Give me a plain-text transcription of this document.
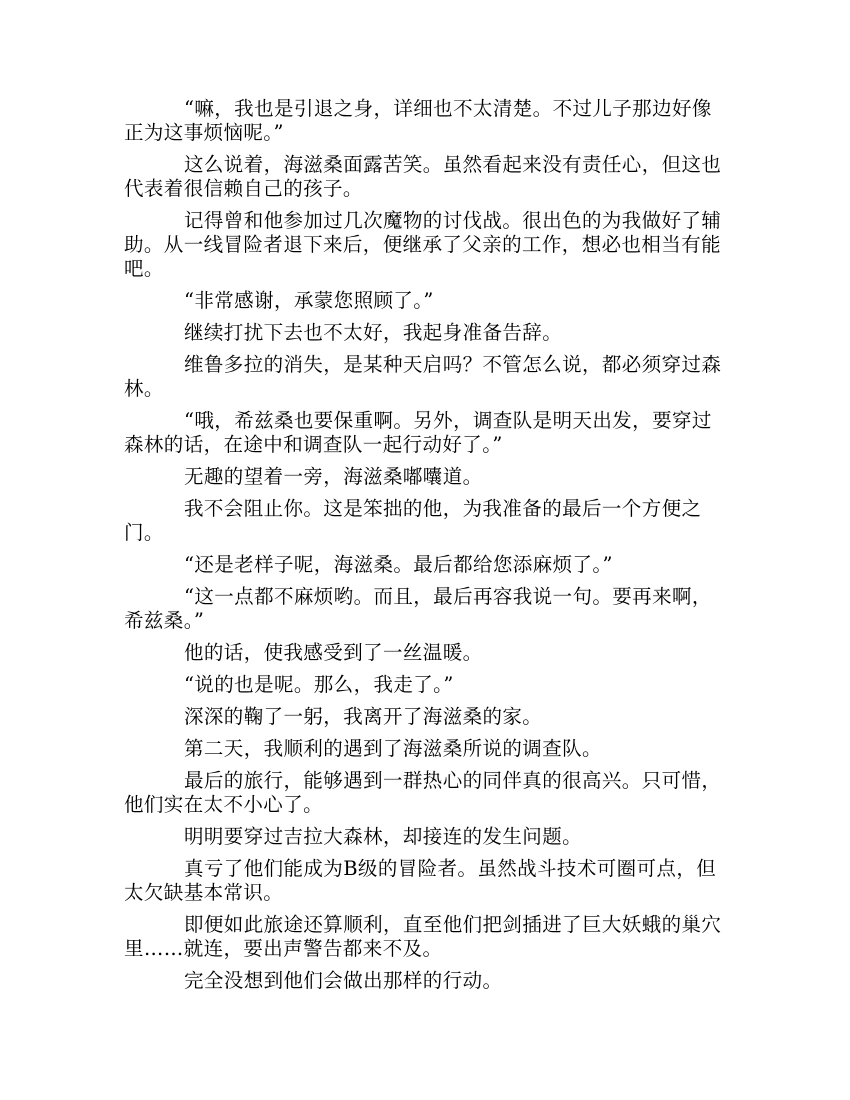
“嘛，我也是引退之身，详细也不太清楚。不过儿子那边好像正为这事烦恼呢。”

这么说着，海滋桑面露苦笑。虽然看起来没有责任心，但这也代表着很信赖自己的孩子。

记得曾和他参加过几次魔物的讨伐战。很出色的为我做好了辅助。从一线冒险者退下来后，便继承了父亲的工作，想必也相当有能吧。

“非常感谢，承蒙您照顾了。”

继续打扰下去也不太好，我起身准备告辞。

维鲁多拉的消失，是某种天启吗？不管怎么说，都必须穿过森林。

“哦，希兹桑也要保重啊。另外，调查队是明天出发，要穿过森林的话，在途中和调查队一起行动好了。”

无趣的望着一旁，海滋桑嘟囔道。

我不会阻止你。这是笨拙的他，为我准备的最后一个方便之门。

“还是老样子呢，海滋桑。最后都给您添麻烦了。”

“这一点都不麻烦哟。而且，最后再容我说一句。要再来啊，希兹桑。”

他的话，使我感受到了一丝温暖。

“说的也是呢。那么，我走了。”

深深的鞠了一躬，我离开了海滋桑的家。

第二天，我顺利的遇到了海滋桑所说的调查队。

最后的旅行，能够遇到一群热心的同伴真的很高兴。只可惜，他们实在太不小心了。

明明要穿过吉拉大森林，却接连的发生问题。

真亏了他们能成为B级的冒险者。虽然战斗技术可圈可点，但太欠缺基本常识。

即便如此旅途还算顺利，直至他们把剑插进了巨大妖蛾的巢穴里……就连，要出声警告都来不及。

完全没想到他们会做出那样的行动。
